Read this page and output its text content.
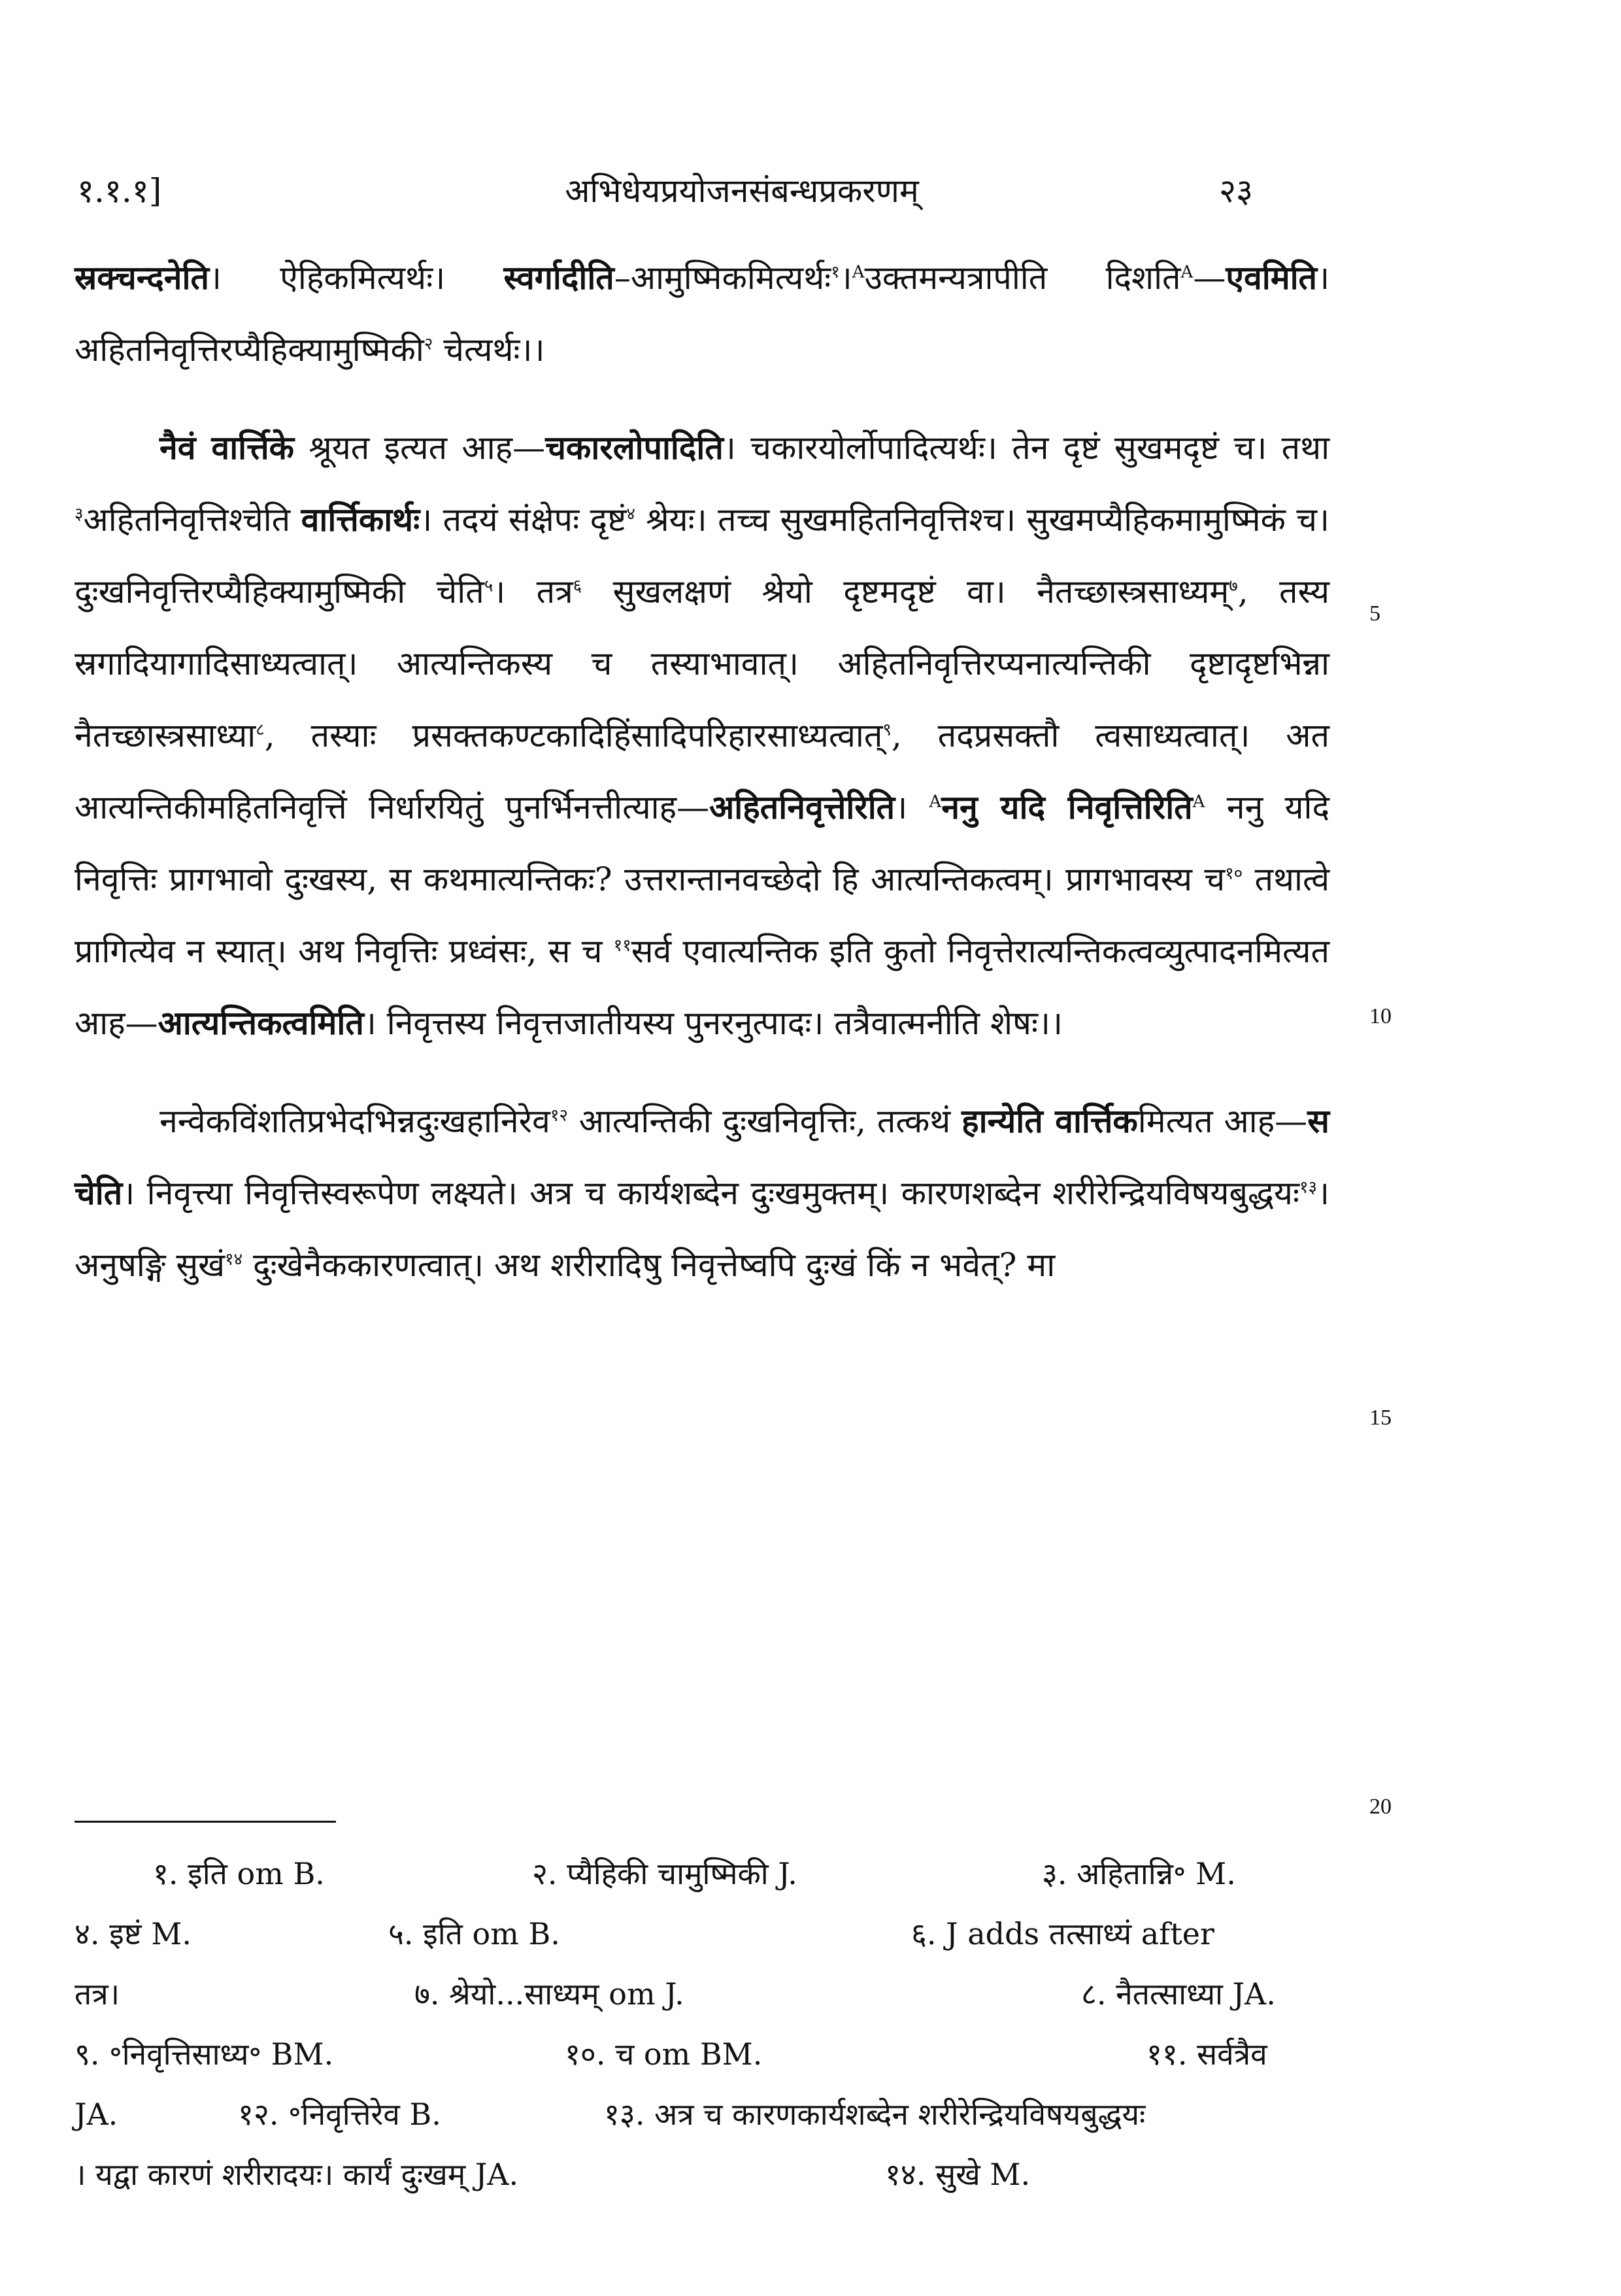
१.१.१]	अभिधेयप्रयोजनसंबन्धप्रकरणम्	२३

स्रक्चन्दनेति। ऐहिकमित्यर्थः। स्वर्गादीति–आमुष्मिकमित्यर्थः$^१$।$^A$उक्तमन्यत्रापीति दिशति$^A$—एवमिति। अहितनिवृत्तिरप्यैहिक्यामुष्मिकी$^२$ चेत्यर्थः।।

नैवं वार्त्तिके श्रूयत इत्यत आह—चकारलोपादिति। चकारयोर्लोपादित्यर्थः। तेन दृष्टं सुखमदृष्टं च। तथा $^३$अहितनिवृत्तिश्चेति वार्त्तिकार्थः। तदयं संक्षेपः दृष्टं$^४$ श्रेयः। तच्च सुखमहितनिवृत्तिश्च। सुखमप्यैहिकमामुष्मिकं च। दुःखनिवृत्तिरप्यैहिक्यामुष्मिकी चेति$^५$। तत्र$^६$ सुखलक्षणं श्रेयो दृष्टमदृष्टं वा। नैतच्छास्त्रसाध्यम्$^७$, तस्य स्रगादियागादिसाध्यत्वात्। आत्यन्तिकस्य च तस्याभावात्। अहितनिवृत्तिरप्यनात्यन्तिकी दृष्टादृष्टभिन्ना नैतच्छास्त्रसाध्या$^८$, तस्याः प्रसक्तकण्टकादिहिंसादिपरिहारसाध्यत्वात्$^९$, तदप्रसक्तौ त्वसाध्यत्वात्। अत आत्यन्तिकीमहितनिवृत्तिं निर्धारयितुं पुनर्भिनत्तीत्याह—अहितनिवृत्तेरिति। $^A$ननु यदि निवृत्तिरिति$^A$ ननु यदि निवृत्तिः प्रागभावो दुःखस्य, स कथमात्यन्तिकः? उत्तरान्तानवच्छेदो हि आत्यन्तिकत्वम्। प्रागभावस्य च$^{१०}$ तथात्वे प्रागित्येव न स्यात्। अथ निवृत्तिः प्रध्वंसः, स च $^{११}$सर्व एवात्यन्तिक इति कुतो निवृत्तेरात्यन्तिकत्वव्युत्पादनमित्यत आह—आत्यन्तिकत्वमिति। निवृत्तस्य निवृत्तजातीयस्य पुनरनुत्पादः। तत्रैवात्मनीति शेषः।।

नन्वेकविंशतिप्रभेदभिन्नदुःखहानिरेव$^{१२}$ आत्यन्तिकी दुःखनिवृत्तिः, तत्कथं हान्येति वार्त्तिकमित्यत आह—स चेति। निवृत्त्या निवृत्तिस्वरूपेण लक्ष्यते। अत्र च कार्यशब्देन दुःखमुक्तम्। कारणशब्देन शरीरेन्द्रियविषयबुद्धयः$^{१३}$। अनुषङ्गि सुखं$^{१४}$ दुःखेनैककारणत्वात्। अथ शरीरादिषु निवृत्तेष्वपि दुःखं किं न भवेत्? मा

5
10
15
20
१. इति om B.	२. प्यैहिकी चामुष्मिकी J.	३. अहितान्नि॰ M.
४. इष्टं M.	५. इति om B.	६. J adds तत्साध्यं after
तत्र।	७. श्रेयो...साध्यम् om J.	८. नैतत्साध्या JA.
९. ॰निवृत्तिसाध्य॰ BM.	१०. च om BM.	११. सर्वत्रैव
JA.	१२. ॰निवृत्तिरेव B.	१३. अत्र च कारणकार्यशब्देन शरीरेन्द्रियविषयबुद्धयः
। यद्वा कारणं शरीरादयः। कार्यं दुःखम् JA.	१४. सुखे M.
